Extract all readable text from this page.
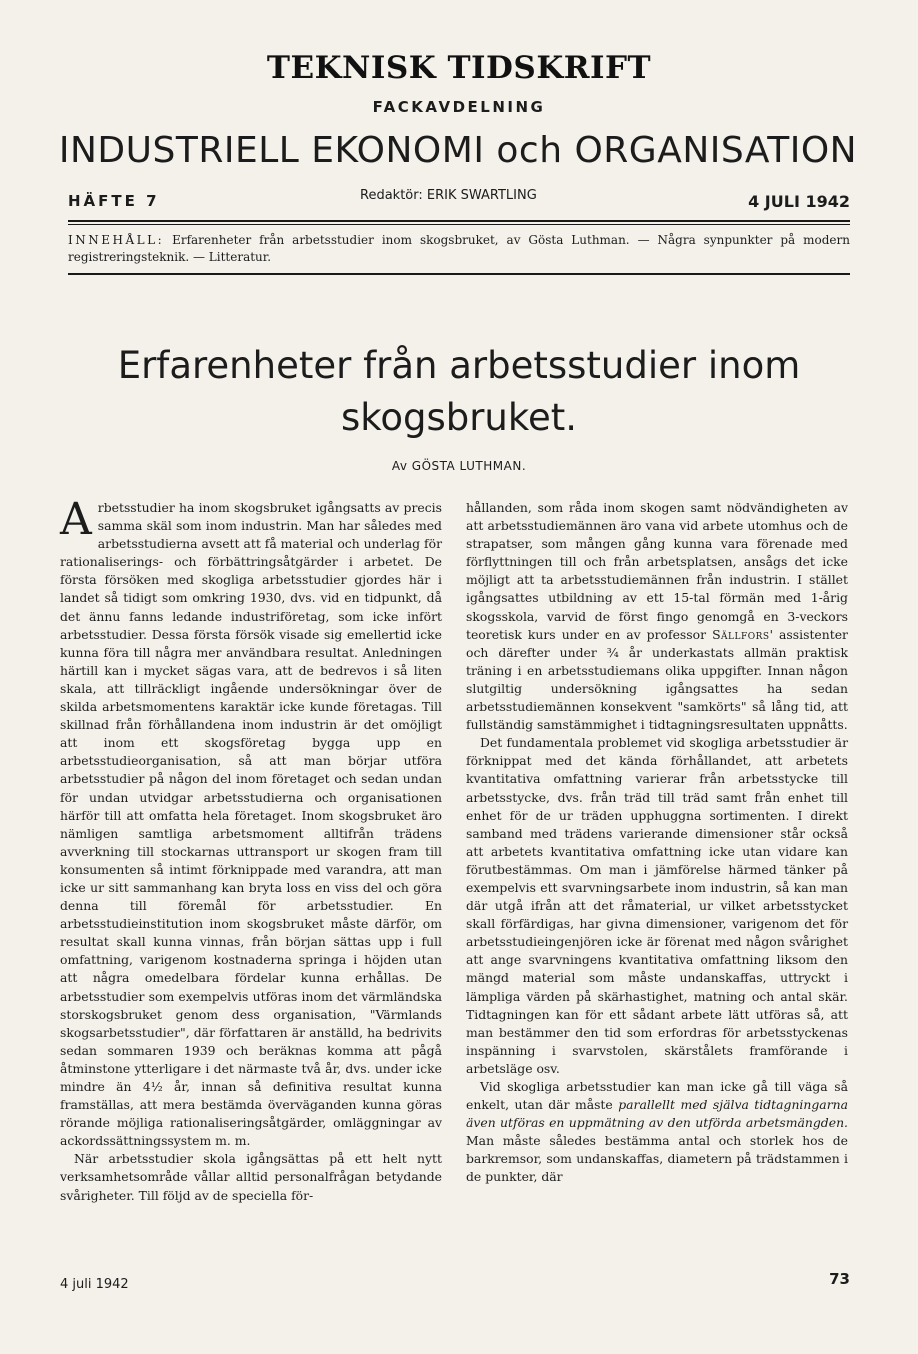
TEKNISK TIDSKRIFT
FACKAVDELNING
INDUSTRIELL EKONOMI och ORGANISATION
HÄFTE 7	Redaktör: ERIK SWARTLING	4 JULI 1942
INNEHÅLL: Erfarenheter från arbetsstudier inom skogsbruket, av Gösta Luthman. — Några synpunkter på modern registreringsteknik. — Litteratur.
Erfarenheter från arbetsstudier inom skogsbruket.
Av GÖSTA LUTHMAN.

Arbetsstudier ha inom skogsbruket igångsatts av precis samma skäl som inom industrin. Man har således med arbetsstudierna avsett att få material och underlag för rationaliserings- och förbättringsåtgärder i arbetet. De första försöken med skogliga arbetsstudier gjordes här i landet så tidigt som omkring 1930, dvs. vid en tidpunkt, då det ännu fanns ledande industriföretag, som icke infört arbetsstudier. Dessa första försök visade sig emellertid icke kunna föra till några mer användbara resultat. Anledningen härtill kan i mycket sägas vara, att de bedrevos i så liten skala, att tillräckligt ingående undersökningar över de skilda arbetsmomentens karaktär icke kunde företagas. Till skillnad från förhållandena inom industrin är det omöjligt att inom ett skogsföretag bygga upp en arbetsstudieorganisation, så att man börjar utföra arbetsstudier på någon del inom företaget och sedan undan för undan utvidgar arbetsstudierna och organisationen härför till att omfatta hela företaget. Inom skogsbruket äro nämligen samtliga arbetsmoment alltifrån trädens avverkning till stockarnas uttransport ur skogen fram till konsumenten så intimt förknippade med varandra, att man icke ur sitt sammanhang kan bryta loss en viss del och göra denna till föremål för arbetsstudier. En arbetsstudieinstitution inom skogsbruket måste därför, om resultat skall kunna vinnas, från början sättas upp i full omfattning, varigenom kostnaderna springa i höjden utan att några omedelbara fördelar kunna erhållas. De arbetsstudier som exempelvis utföras inom det värmländska storskogsbruket genom dess organisation, "Värmlands skogsarbetsstudier", där författaren är anställd, ha bedrivits sedan sommaren 1939 och beräknas komma att pågå åtminstone ytterligare i det närmaste två år, dvs. under icke mindre än 4½ år, innan så definitiva resultat kunna framställas, att mera bestämda överväganden kunna göras rörande möjliga rationaliseringsåtgärder, omläggningar av ackordssättningssystem m. m.

När arbetsstudier skola igångsättas på ett helt nytt verksamhetsområde vållar alltid personalfrågan betydande svårigheter. Till följd av de speciella för-

hållanden, som råda inom skogen samt nödvändigheten av att arbetsstudiemännen äro vana vid arbete utomhus och de strapatser, som mången gång kunna vara förenade med förflyttningen till och från arbetsplatsen, ansågs det icke möjligt att ta arbetsstudiemännen från industrin. I stället igångsattes utbildning av ett 15-tal förmän med 1-årig skogsskola, varvid de först fingo genomgå en 3-veckors teoretisk kurs under en av professor Sällfors' assistenter och därefter under ¾ år underkastats allmän praktisk träning i en arbetsstudiemans olika uppgifter. Innan någon slutgiltig undersökning igångsattes ha sedan arbetsstudiemännen konsekvent "samkörts" så lång tid, att fullständig samstämmighet i tidtagningsresultaten uppnåtts.

Det fundamentala problemet vid skogliga arbetsstudier är förknippat med det kända förhållandet, att arbetets kvantitativa omfattning varierar från arbetsstycke till arbetsstycke, dvs. från träd till träd samt från enhet till enhet för de ur träden upphuggna sortimenten. I direkt samband med trädens varierande dimensioner står också att arbetets kvantitativa omfattning icke utan vidare kan förutbestämmas. Om man i jämförelse härmed tänker på exempelvis ett svarvningsarbete inom industrin, så kan man där utgå ifrån att det råmaterial, ur vilket arbetsstycket skall förfärdigas, har givna dimensioner, varigenom det för arbetsstudieingenjören icke är förenat med någon svårighet att ange svarvningens kvantitativa omfattning liksom den mängd material som måste undanskaffas, uttryckt i lämpliga värden på skärhastighet, matning och antal skär. Tidtagningen kan för ett sådant arbete lätt utföras så, att man bestämmer den tid som erfordras för arbetsstyckenas inspänning i svarvstolen, skärstålets framförande i arbetsläge osv.

Vid skogliga arbetsstudier kan man icke gå till väga så enkelt, utan där måste parallellt med själva tidtagningarna även utföras en uppmätning av den utförda arbetsmängden. Man måste således bestämma antal och storlek hos de barkremsor, som undanskaffas, diametern på trädstammen i de punkter, där

4 juli 1942	73
